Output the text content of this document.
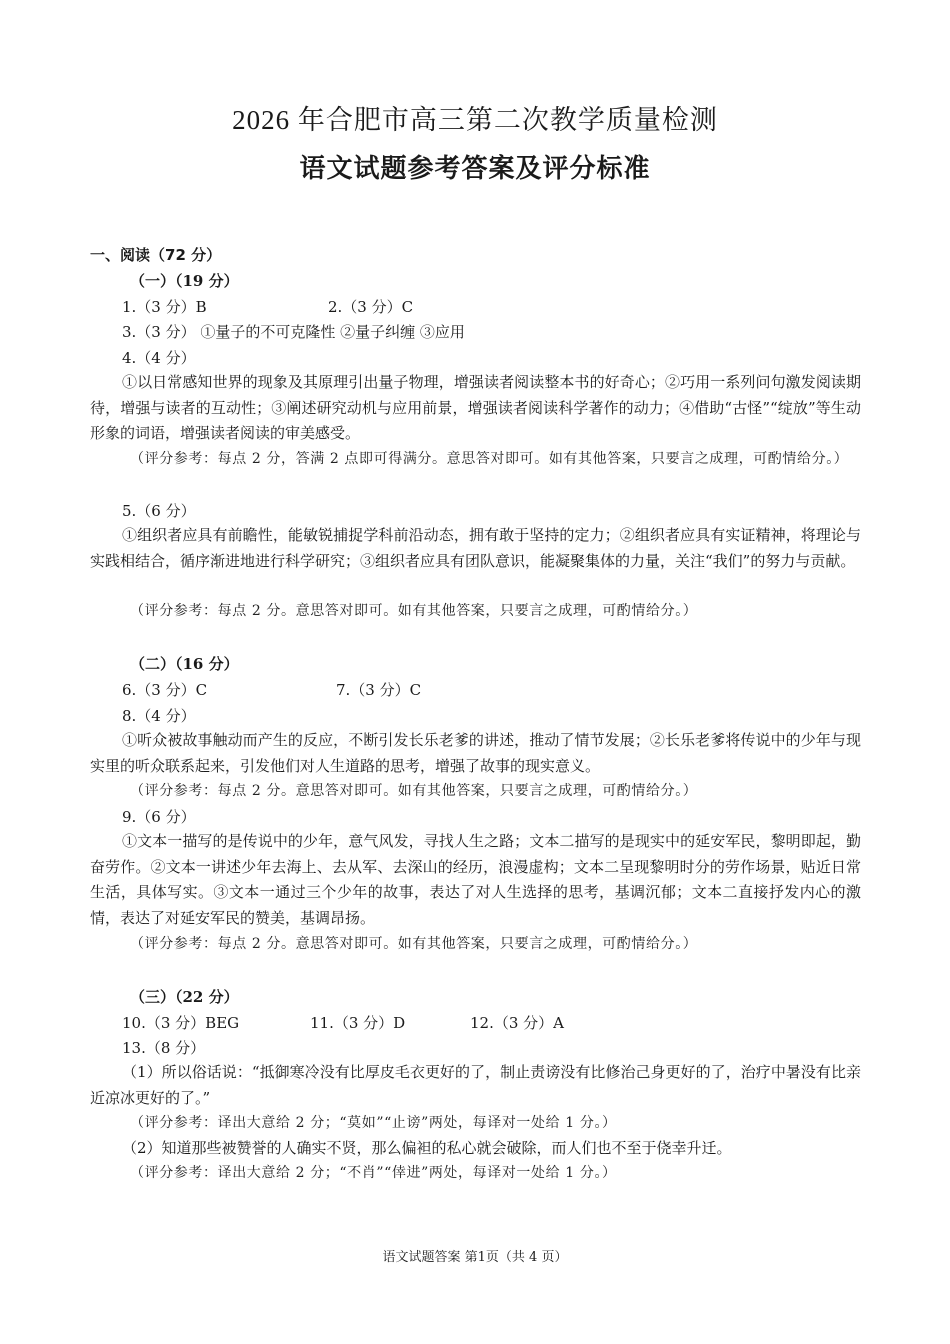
2026 年合肥市高三第二次教学质量检测
语文试题参考答案及评分标准
一、阅读（72 分）
（一）（19 分）
1.（3 分）B	2.（3 分）C
3.（3 分） ①量子的不可克隆性 ②量子纠缠 ③应用
4.（4 分）
①以日常感知世界的现象及其原理引出量子物理，增强读者阅读整本书的好奇心；②巧用一系列问句激发阅读期待，增强与读者的互动性；③阐述研究动机与应用前景，增强读者阅读科学著作的动力；④借助“古怪”“绽放”等生动形象的词语，增强读者阅读的审美感受。
（评分参考：每点 2 分，答满 2 点即可得满分。意思答对即可。如有其他答案，只要言之成理，可酌情给分。）
5.（6 分）
①组织者应具有前瞻性，能敏锐捕捉学科前沿动态，拥有敢于坚持的定力；②组织者应具有实证精神，将理论与实践相结合，循序渐进地进行科学研究；③组织者应具有团队意识，能凝聚集体的力量，关注“我们”的努力与贡献。
（评分参考：每点 2 分。意思答对即可。如有其他答案，只要言之成理，可酌情给分。）
（二）（16 分）
6.（3 分）C	7.（3 分）C
8.（4 分）
①听众被故事触动而产生的反应，不断引发长乐老爹的讲述，推动了情节发展；②长乐老爹将传说中的少年与现实里的听众联系起来，引发他们对人生道路的思考，增强了故事的现实意义。
（评分参考：每点 2 分。意思答对即可。如有其他答案，只要言之成理，可酌情给分。）
9.（6 分）
①文本一描写的是传说中的少年，意气风发，寻找人生之路；文本二描写的是现实中的延安军民，黎明即起，勤奋劳作。②文本一讲述少年去海上、去从军、去深山的经历，浪漫虚构；文本二呈现黎明时分的劳作场景，贴近日常生活，具体写实。③文本一通过三个少年的故事，表达了对人生选择的思考，基调沉郁；文本二直接抒发内心的激情，表达了对延安军民的赞美，基调昂扬。
（评分参考：每点 2 分。意思答对即可。如有其他答案，只要言之成理，可酌情给分。）
（三）（22 分）
10.（3 分）BEG	11.（3 分）D	12.（3 分）A
13.（8 分）
（1）所以俗话说：“抵御寒冷没有比厚皮毛衣更好的了，制止责谤没有比修治己身更好的了，治疗中暑没有比亲近凉冰更好的了。”
（评分参考：译出大意给 2 分；“莫如”“止谤”两处，每译对一处给 1 分。）
（2）知道那些被赞誉的人确实不贤，那么偏袒的私心就会破除，而人们也不至于侥幸升迁。
（评分参考：译出大意给 2 分；“不肖”“倖进”两处，每译对一处给 1 分。）
语文试题答案 第1页（共 4 页）
